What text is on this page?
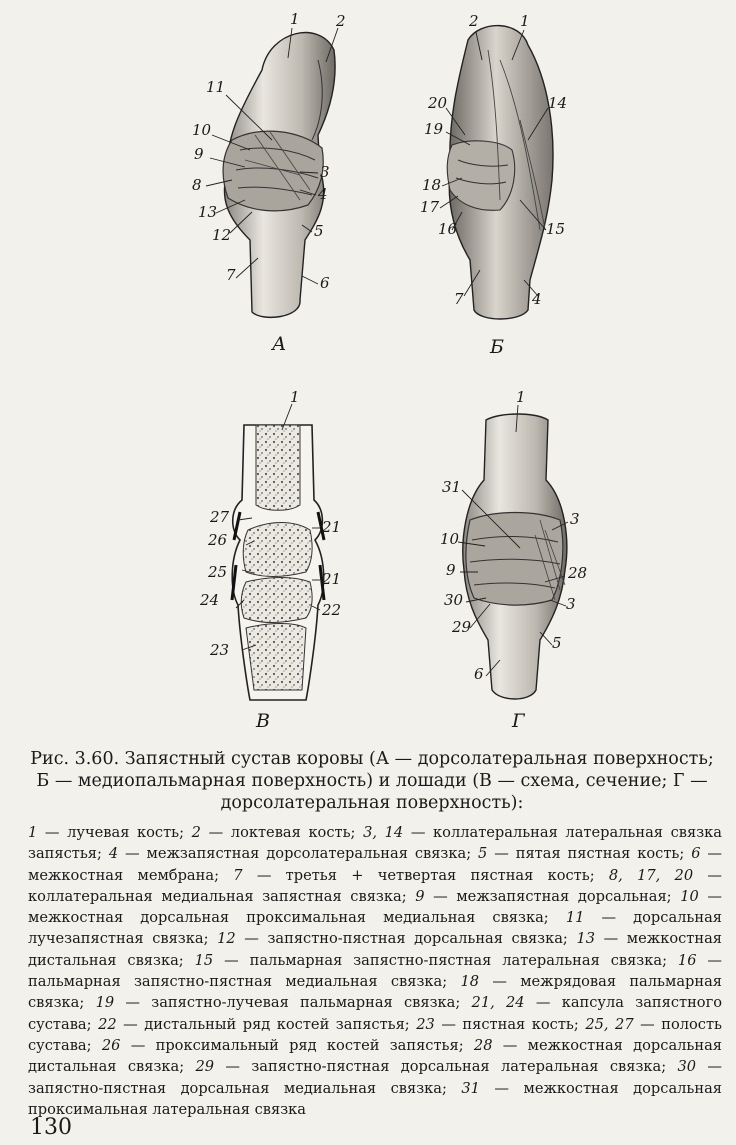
1 2
11
10
9
8
13
12
7
3
4
5
6
А
2	1
20
19
14
18
17
16	15
7	4
Б
1
27
26
25
24
23
21
21
22
В
1
31
3
10
9	28
30	3
29
5
6
Г
Рис. 3.60. Запястный сустав коровы (А — дорсолатеральная поверхность;
Б — медиопальмарная поверхность) и лошади (В — схема, сечение; Г —
дорсолатеральная поверхность):
1 — лучевая кость; 2 — локтевая кость; 3, 14 — коллатеральная латеральная связка запястья; 4 — межзапястная дорсолатеральная связка; 5 — пятая пястная кость; 6 — межкостная мембрана; 7 — третья + четвертая пястная кость; 8, 17, 20 — коллатеральная медиальная запястная связка; 9 — межзапястная дорсальная; 10 — межкостная дорсальная проксимальная медиальная связка; 11 — дорсальная лучезапястная связка; 12 — запястно-пястная дорсальная связка; 13 — межкостная дистальная связка; 15 — пальмарная запястно-пястная латеральная связка; 16 — пальмарная запястно-пястная медиальная связка; 18 — межрядовая пальмарная связка; 19 — запястно-лучевая пальмарная связка; 21, 24 — капсула запястного сустава; 22 — дистальный ряд костей запястья; 23 — пястная кость; 25, 27 — полость сустава; 26 — проксимальный ряд костей запястья; 28 — межкостная дорсальная дистальная связка; 29 — запястно-пястная дорсальная латеральная связка; 30 — запястно-пястная дорсальная медиальная связка; 31 — межкостная дорсальная проксимальная латеральная связка
130
